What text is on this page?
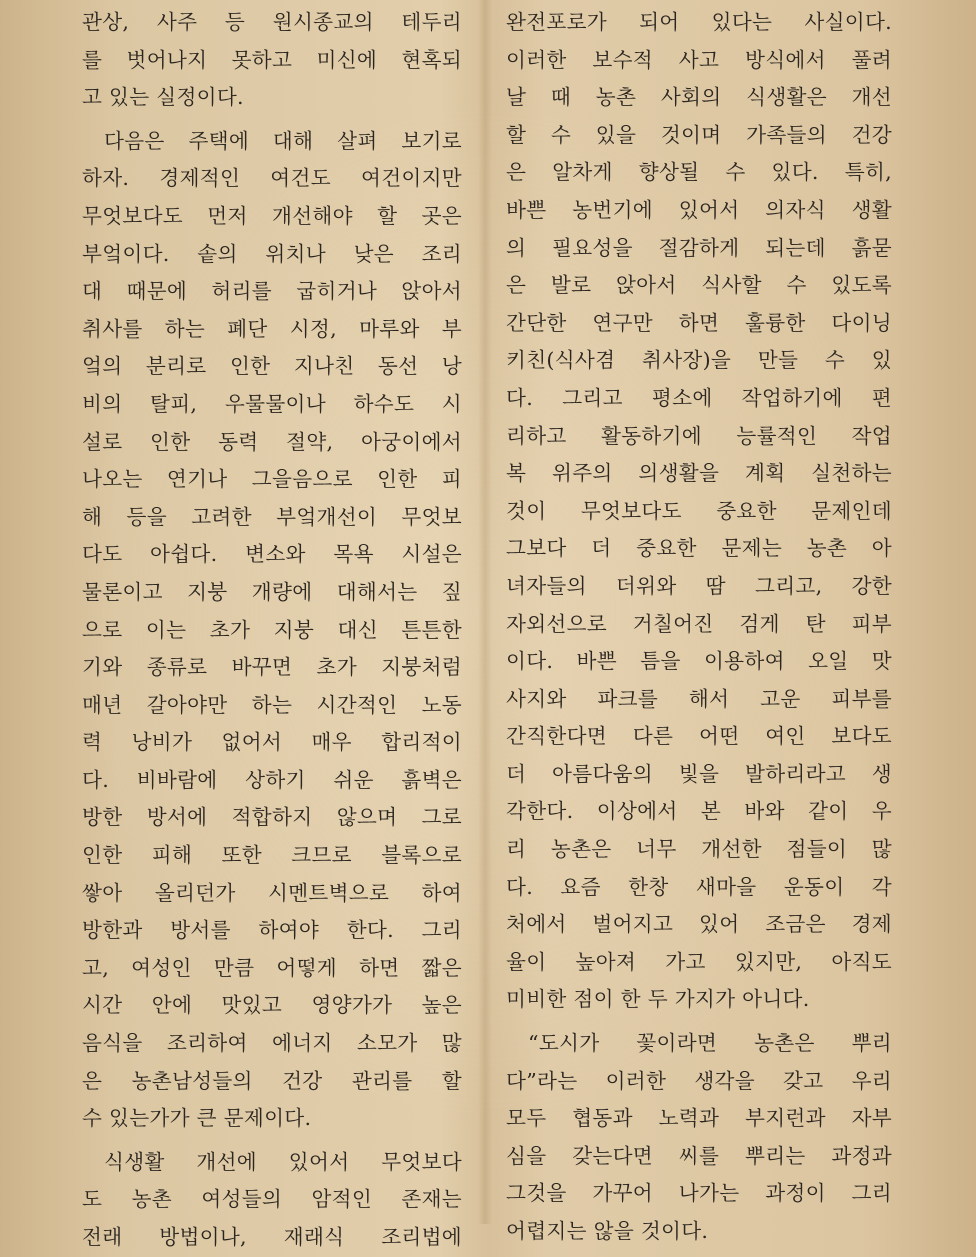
관상, 사주 등 원시종교의 테두리
를 벗어나지 못하고 미신에 현혹되
고 있는 실정이다.
다음은 주택에 대해 살펴 보기로
하자. 경제적인 여건도 여건이지만
무엇보다도 먼저 개선해야 할 곳은
부엌이다. 솥의 위치나 낮은 조리
대 때문에 허리를 굽히거나 앉아서
취사를 하는 폐단 시정, 마루와 부
엌의 분리로 인한 지나친 동선 낭
비의 탈피, 우물물이나 하수도 시
설로 인한 동력 절약, 아궁이에서
나오는 연기나 그을음으로 인한 피
해 등을 고려한 부엌개선이 무엇보
다도 아쉽다. 변소와 목욕 시설은
물론이고 지붕 개량에 대해서는 짚
으로 이는 초가 지붕 대신 튼튼한
기와 종류로 바꾸면 초가 지붕처럼
매년 갈아야만 하는 시간적인 노동
력 낭비가 없어서 매우 합리적이
다. 비바람에 상하기 쉬운 흙벽은
방한 방서에 적합하지 않으며 그로
인한 피해 또한 크므로 블록으로
쌓아 올리던가 시멘트벽으로 하여
방한과 방서를 하여야 한다. 그리
고, 여성인 만큼 어떻게 하면 짧은
시간 안에 맛있고 영양가가 높은
음식을 조리하여 에너지 소모가 많
은 농촌남성들의 건강 관리를 할
수 있는가가 큰 문제이다.
식생활 개선에 있어서 무엇보다
도 농촌 여성들의 암적인 존재는
전래 방법이나, 재래식 조리법에
완전포로가 되어 있다는 사실이다.
이러한 보수적 사고 방식에서 풀려
날 때 농촌 사회의 식생활은 개선
할 수 있을 것이며 가족들의 건강
은 알차게 향상될 수 있다. 특히,
바쁜 농번기에 있어서 의자식 생활
의 필요성을 절감하게 되는데 흙묻
은 발로 앉아서 식사할 수 있도록
간단한 연구만 하면 훌륭한 다이닝
키친(식사겸 취사장)을 만들 수 있
다. 그리고 평소에 작업하기에 편
리하고 활동하기에 능률적인 작업
복 위주의 의생활을 계획 실천하는
것이 무엇보다도 중요한 문제인데
그보다 더 중요한 문제는 농촌 아
녀자들의 더위와 땀 그리고, 강한
자외선으로 거칠어진 검게 탄 피부
이다. 바쁜 틈을 이용하여 오일 맛
사지와 파크를 해서 고운 피부를
간직한다면 다른 어떤 여인 보다도
더 아름다움의 빛을 발하리라고 생
각한다. 이상에서 본 바와 같이 우
리 농촌은 너무 개선한 점들이 많
다. 요즘 한창 새마을 운동이 각
처에서 벌어지고 있어 조금은 경제
율이 높아져 가고 있지만, 아직도
미비한 점이 한 두 가지가 아니다.
“도시가 꽃이라면 농촌은 뿌리
다”라는 이러한 생각을 갖고 우리
모두 협동과 노력과 부지런과 자부
심을 갖는다면 씨를 뿌리는 과정과
그것을 가꾸어 나가는 과정이 그리
어렵지는 않을 것이다.
